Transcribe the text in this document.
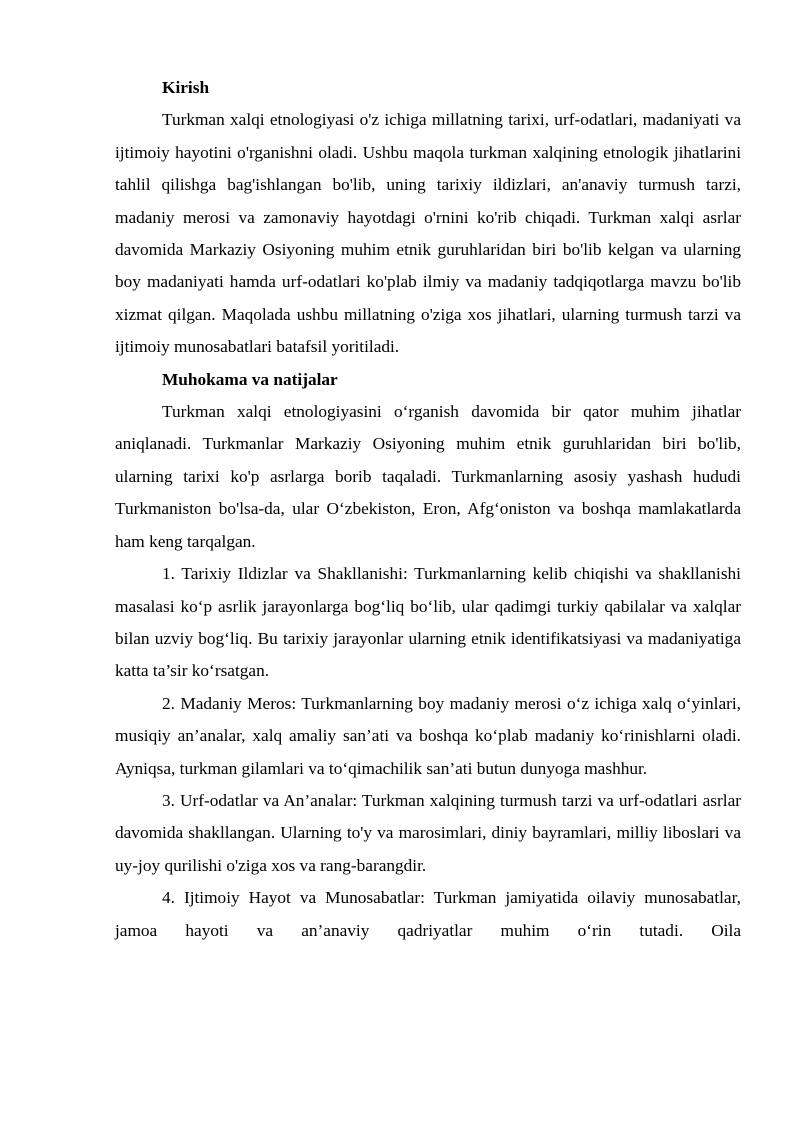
Kirish

Turkman xalqi etnologiyasi o'z ichiga millatning tarixi, urf-odatlari, madaniyati va ijtimoiy hayotini o'rganishni oladi. Ushbu maqola turkman xalqining etnologik jihatlarini tahlil qilishga bag'ishlangan bo'lib, uning tarixiy ildizlari, an'anaviy turmush tarzi, madaniy merosi va zamonaviy hayotdagi o'rnini ko'rib chiqadi. Turkman xalqi asrlar davomida Markaziy Osiyoning muhim etnik guruhlaridan biri bo'lib kelgan va ularning boy madaniyati hamda urf-odatlari ko'plab ilmiy va madaniy tadqiqotlarga mavzu bo'lib xizmat qilgan. Maqolada ushbu millatning o'ziga xos jihatlari, ularning turmush tarzi va ijtimoiy munosabatlari batafsil yoritiladi.

Muhokama va natijalar

Turkman xalqi etnologiyasini o‘rganish davomida bir qator muhim jihatlar aniqlanadi. Turkmanlar Markaziy Osiyoning muhim etnik guruhlaridan biri bo'lib, ularning tarixi ko'p asrlarga borib taqaladi. Turkmanlarning asosiy yashash hududi Turkmaniston bo'lsa-da, ular O‘zbekiston, Eron, Afg‘oniston va boshqa mamlakatlarda ham keng tarqalgan.

1. Tarixiy Ildizlar va Shakllanishi: Turkmanlarning kelib chiqishi va shakllanishi masalasi ko‘p asrlik jarayonlarga bog‘liq bo‘lib, ular qadimgi turkiy qabilalar va xalqlar bilan uzviy bog‘liq. Bu tarixiy jarayonlar ularning etnik identifikatsiyasi va madaniyatiga katta ta’sir ko‘rsatgan.

2. Madaniy Meros: Turkmanlarning boy madaniy merosi o‘z ichiga xalq o‘yinlari, musiqiy an’analar, xalq amaliy san’ati va boshqa ko‘plab madaniy ko‘rinishlarni oladi. Ayniqsa, turkman gilamlari va to‘qimachilik san’ati butun dunyoga mashhur.

3. Urf-odatlar va An’analar: Turkman xalqining turmush tarzi va urf-odatlari asrlar davomida shakllangan. Ularning to'y va marosimlari, diniy bayramlari, milliy liboslari va uy-joy qurilishi o'ziga xos va rang-barangdir.

4. Ijtimoiy Hayot va Munosabatlar: Turkman jamiyatida oilaviy munosabatlar, jamoa hayoti va an’anaviy qadriyatlar muhim o‘rin tutadi. Oila
